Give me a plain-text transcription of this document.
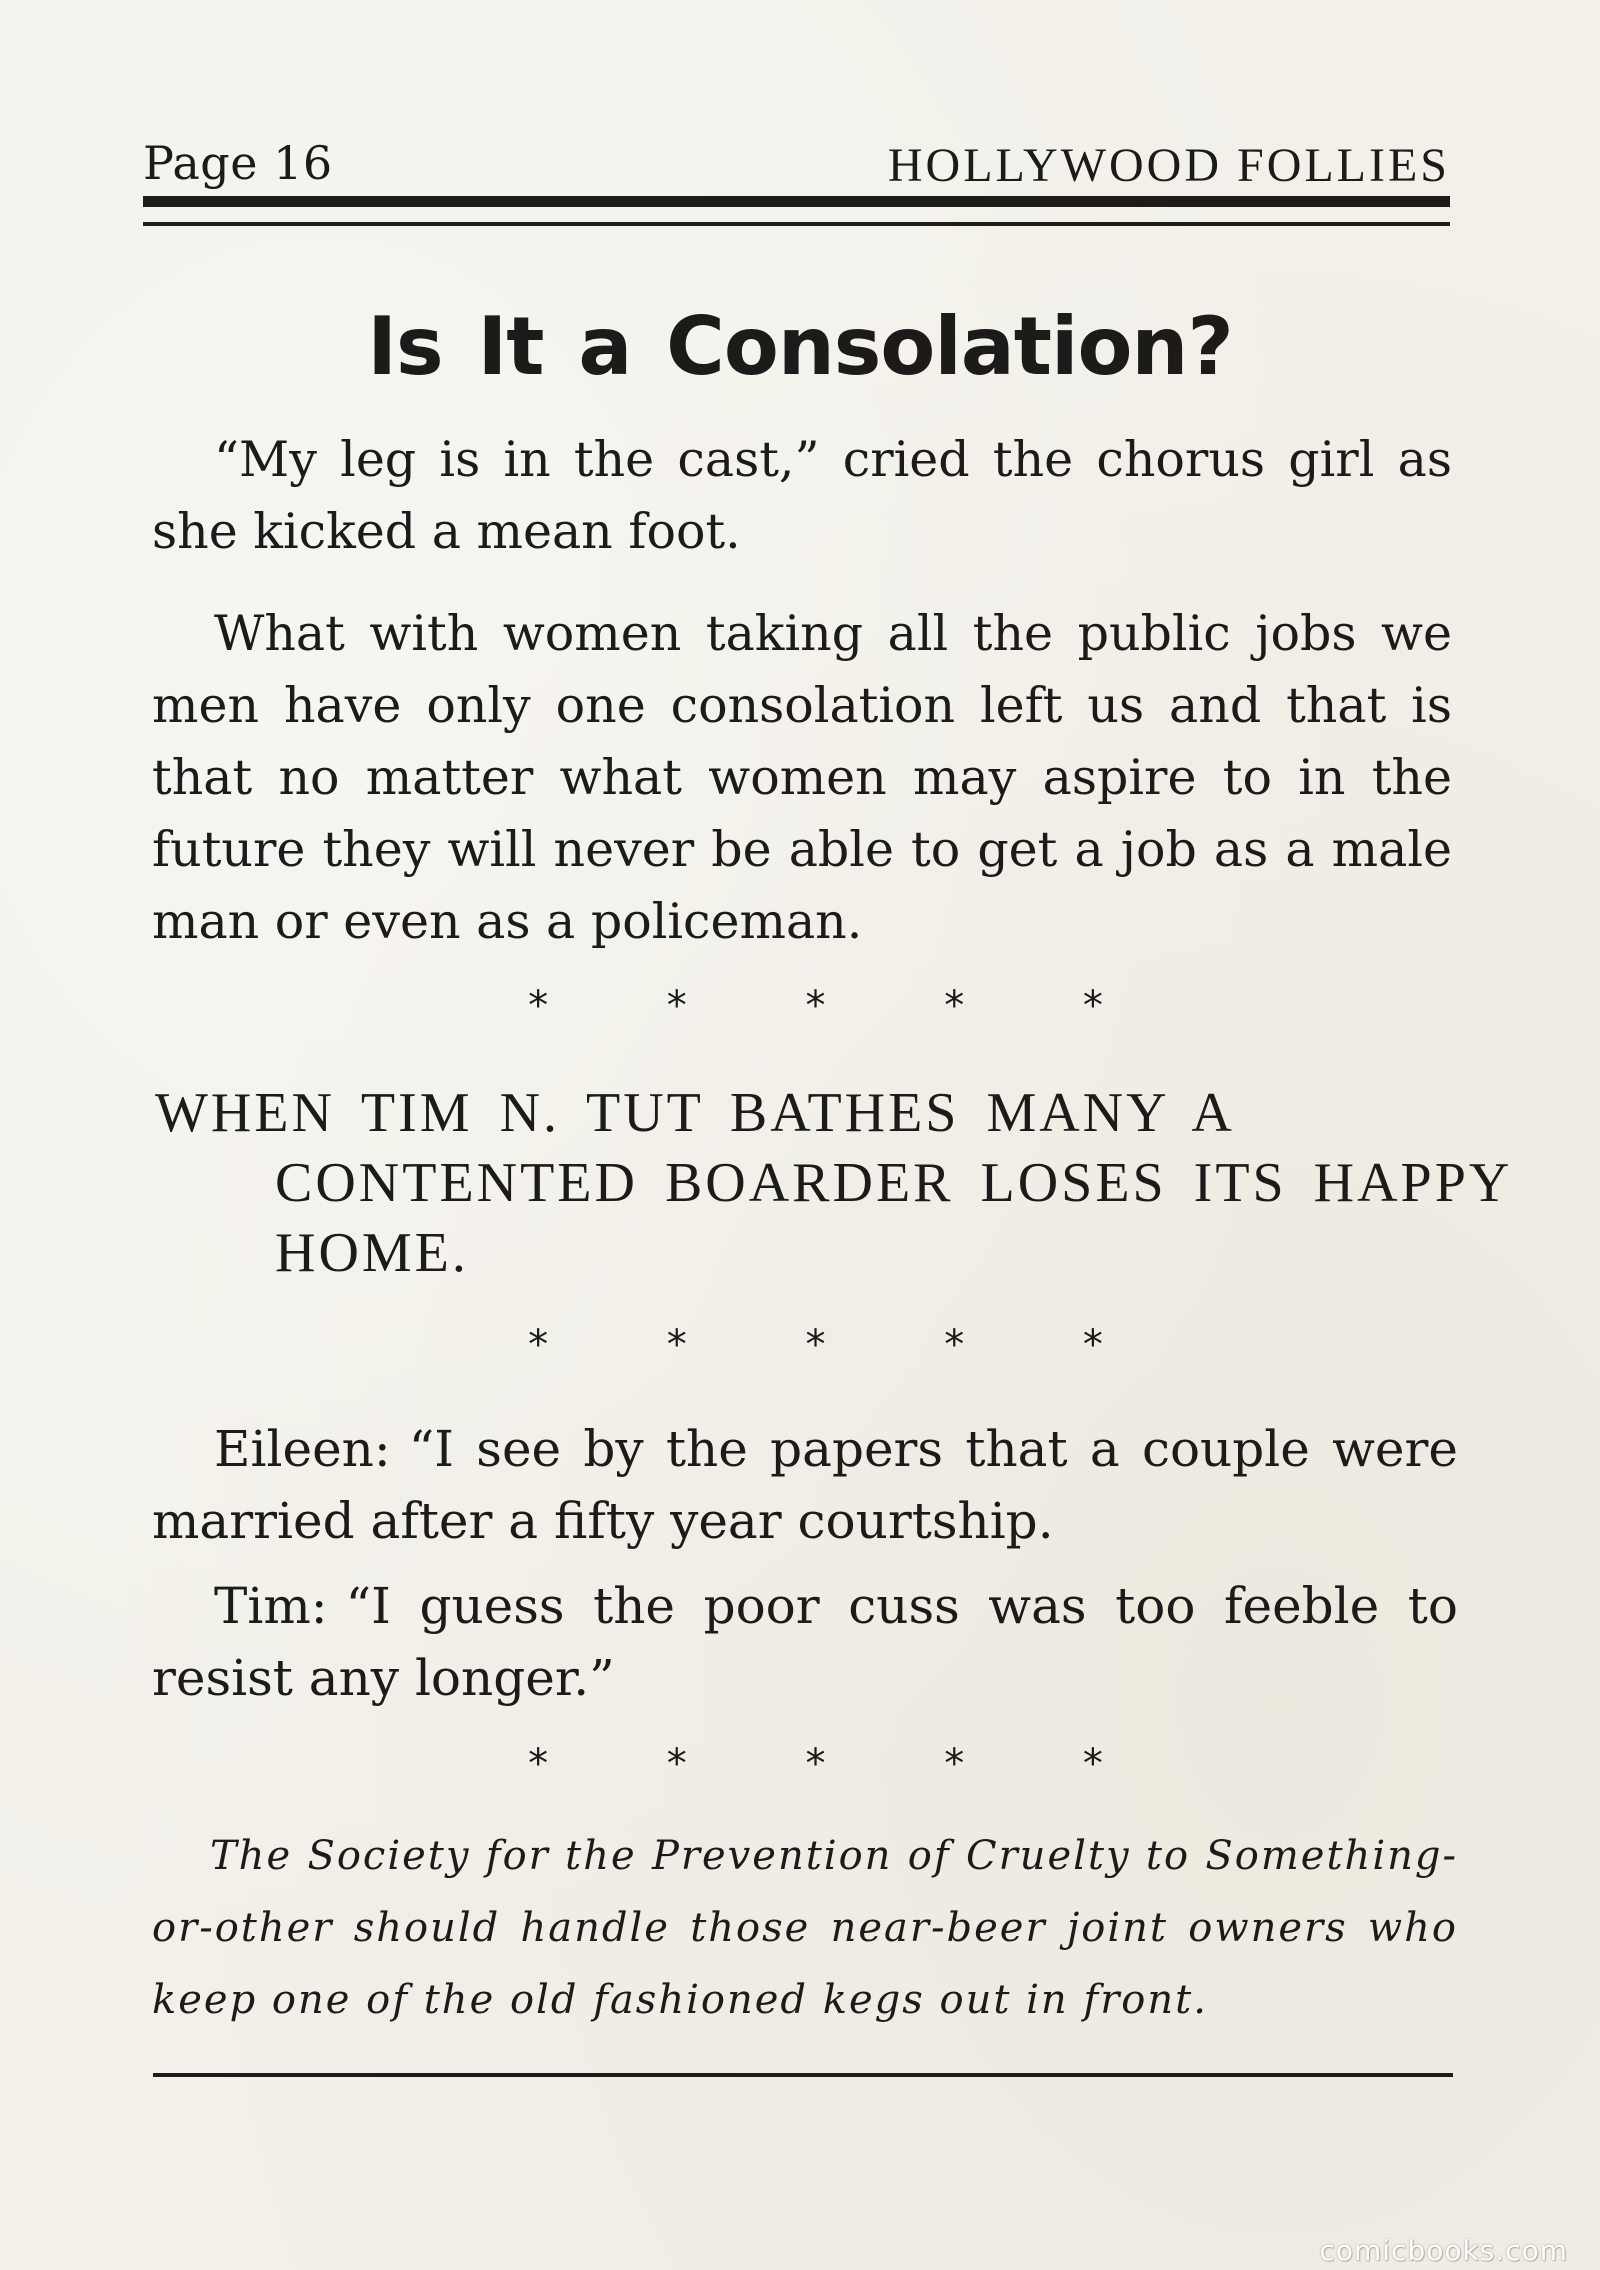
Page 16	HOLLYWOOD FOLLIES
Is It a Consolation?

“My leg is in the cast,” cried the chorus girl as she kicked a mean foot.

What with women taking all the public jobs we men have only one consolation left us and that is that no matter what women may aspire to in the future they will never be able to get a job as a male man or even as a policeman.

* * * * *

WHEN TIM N. TUT BATHES MANY A CONTENTED BOARDER LOSES ITS HAPPY HOME.

* * * * *

Eileen: “I see by the papers that a couple were married after a fifty year courtship.

Tim: “I guess the poor cuss was too feeble to resist any longer.”

* * * * *

The Society for the Prevention of Cruelty to Something-or-other should handle those near-beer joint owners who keep one of the old fashioned kegs out in front.

comicbooks.com
